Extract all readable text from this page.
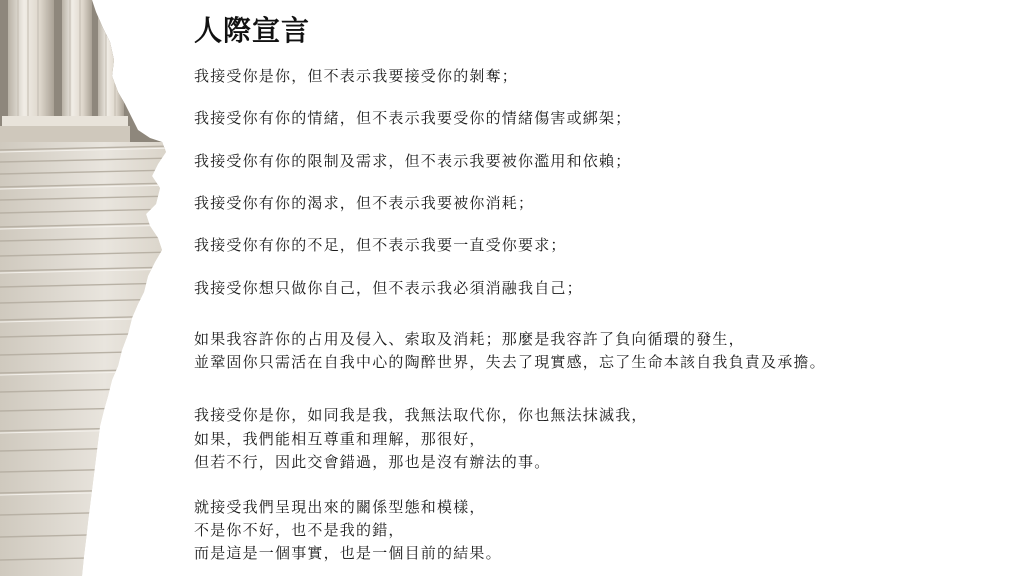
人際宣言

我接受你是你，但不表示我要接受你的剝奪；

我接受你有你的情緒，但不表示我要受你的情緒傷害或綁架；

我接受你有你的限制及需求，但不表示我要被你濫用和依賴；

我接受你有你的渴求，但不表示我要被你消耗；

我接受你有你的不足，但不表示我要一直受你要求；

我接受你想只做你自己，但不表示我必須消融我自己；

如果我容許你的占用及侵入、索取及消耗；那麼是我容許了負向循環的發生，

並鞏固你只需活在自我中心的陶醉世界，失去了現實感，忘了生命本該自我負責及承擔。

我接受你是你，如同我是我，我無法取代你，你也無法抹滅我，

如果，我們能相互尊重和理解，那很好，

但若不行，因此交會錯過，那也是沒有辦法的事。

就接受我們呈現出來的關係型態和模樣，

不是你不好，也不是我的錯，

而是這是一個事實，也是一個目前的結果。
